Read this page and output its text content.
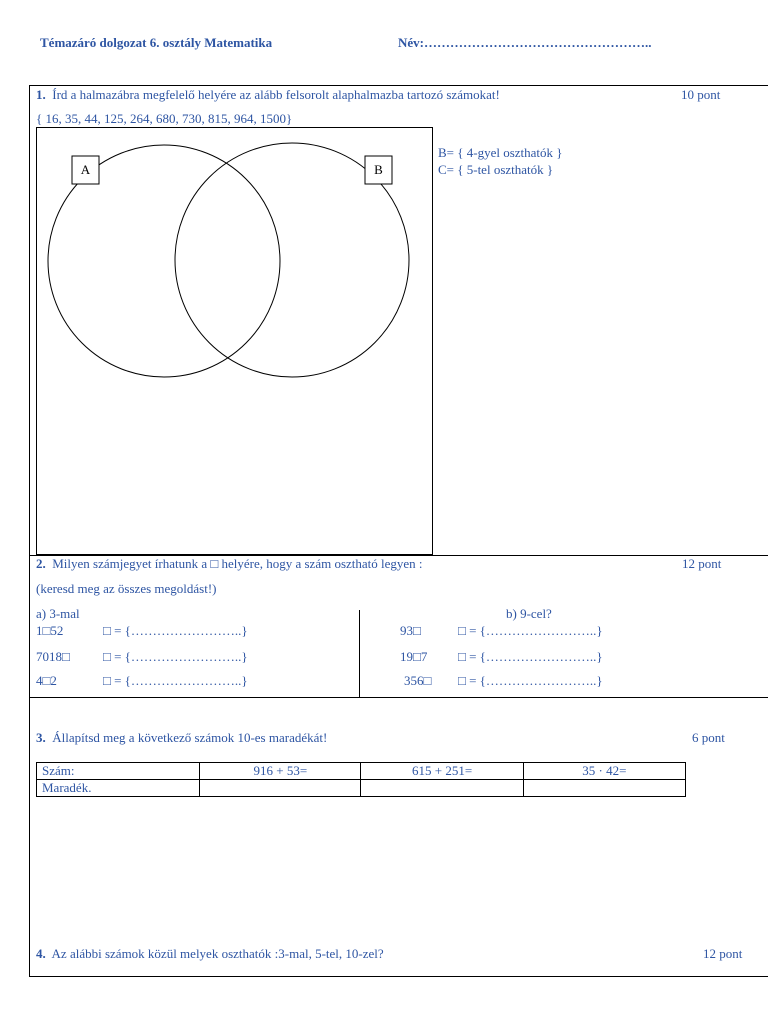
Témazáró dolgozat 6. osztály Matematika	Név:……………………………………………..
1. Írd a halmazábra megfelelő helyére az alább felsorolt alaphalmazba tartozó számokat!	10 pont
{ 16, 35, 44, 125, 264, 680, 730, 815, 964, 1500}
A	B
B= { 4-gyel oszthatók }
C= { 5-tel oszthatók }
2. Milyen számjegyet írhatunk a □ helyére, hogy a szám osztható legyen :	12 pont
(keresd meg az összes megoldást!)
a) 3-mal	b) 9-cel?
1□52	□ = {……………………..}
7018□	□ = {……………………..}
4□2	□ = {……………………..}
93□	□ = {……………………..}
19□7 □ = {……………………..}
356□ □ = {……………………..}
3. Állapítsd meg a következő számok 10-es maradékát!	6 pont
Szám:	916 + 53=	615 + 251=	35 · 42=
Maradék.			
4. Az alábbi számok közül melyek oszthatók :3-mal, 5-tel, 10-zel?	12 pont
